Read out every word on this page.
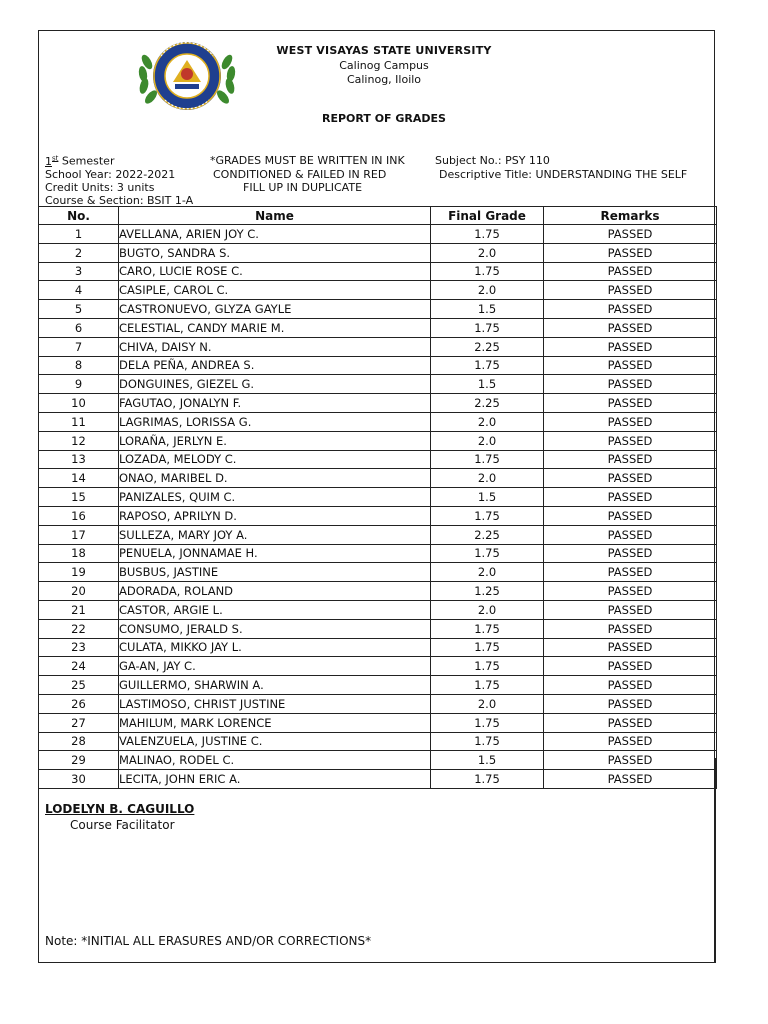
WEST VISAYAS STATE UNIVERSITY
Calinog Campus
Calinog, Iloilo
REPORT OF GRADES
1st Semester
School Year: 2022-2021
Credit Units: 3 units
Course & Section: BSIT 1-A
*GRADES MUST BE WRITTEN IN INK
CONDITIONED & FAILED IN RED
FILL UP IN DUPLICATE
Subject No.: PSY 110
Descriptive Title: UNDERSTANDING THE SELF
No.	Name	Final Grade	Remarks
1	AVELLANA, ARIEN JOY C.	1.75	PASSED
2	BUGTO, SANDRA S.	2.0	PASSED
3	CARO, LUCIE ROSE C.	1.75	PASSED
4	CASIPLE, CAROL C.	2.0	PASSED
5	CASTRONUEVO, GLYZA GAYLE	1.5	PASSED
6	CELESTIAL, CANDY MARIE M.	1.75	PASSED
7	CHIVA, DAISY N.	2.25	PASSED
8	DELA PEÑA, ANDREA S.	1.75	PASSED
9	DONGUINES, GIEZEL G.	1.5	PASSED
10	FAGUTAO, JONALYN F.	2.25	PASSED
11	LAGRIMAS, LORISSA G.	2.0	PASSED
12	LORAÑA, JERLYN E.	2.0	PASSED
13	LOZADA, MELODY C.	1.75	PASSED
14	ONAO, MARIBEL D.	2.0	PASSED
15	PANIZALES, QUIM C.	1.5	PASSED
16	RAPOSO, APRILYN D.	1.75	PASSED
17	SULLEZA, MARY JOY A.	2.25	PASSED
18	PENUELA, JONNAMAE H.	1.75	PASSED
19	BUSBUS, JASTINE	2.0	PASSED
20	ADORADA, ROLAND	1.25	PASSED
21	CASTOR, ARGIE L.	2.0	PASSED
22	CONSUMO, JERALD S.	1.75	PASSED
23	CULATA, MIKKO JAY L.	1.75	PASSED
24	GA-AN, JAY C.	1.75	PASSED
25	GUILLERMO, SHARWIN A.	1.75	PASSED
26	LASTIMOSO, CHRIST JUSTINE	2.0	PASSED
27	MAHILUM, MARK LORENCE	1.75	PASSED
28	VALENZUELA, JUSTINE C.	1.75	PASSED
29	MALINAO, RODEL C.	1.5	PASSED
30	LECITA, JOHN ERIC A.	1.75	PASSED
LODELYN B. CAGUILLO
Course Facilitator
Note: *INITIAL ALL ERASURES AND/OR CORRECTIONS*
